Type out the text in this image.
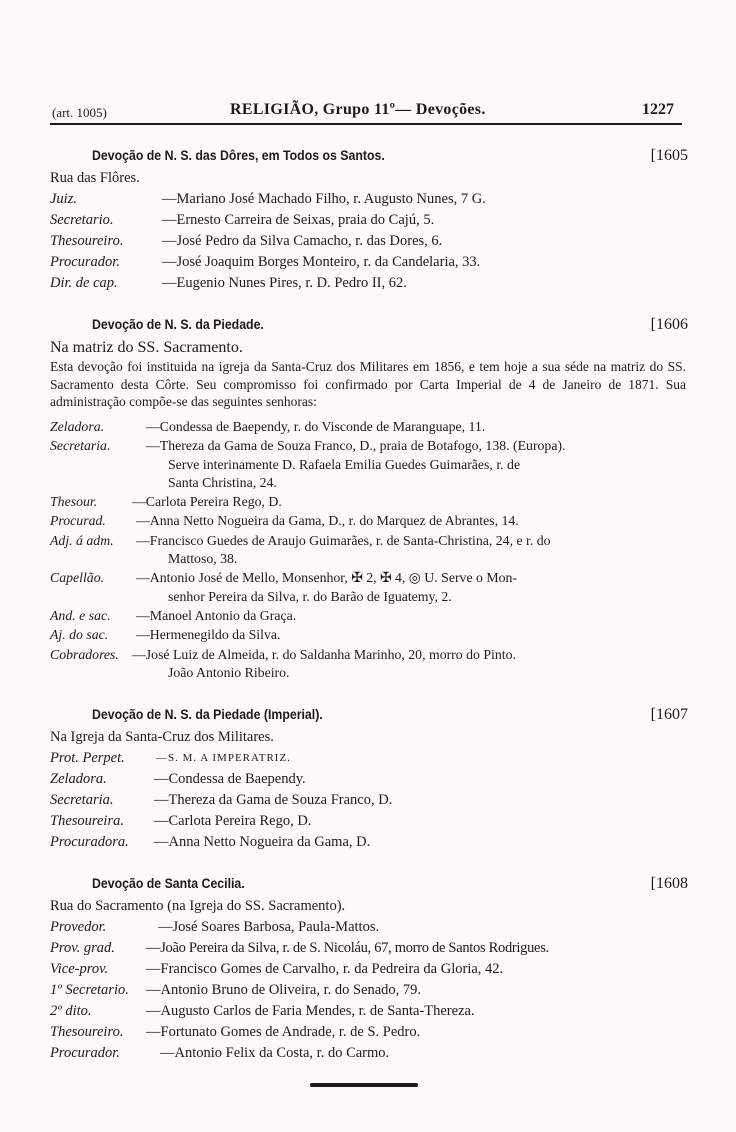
(art. 1005)	RELIGIÃO, Grupo 11º— Devoções.	1227
Devoção de N. S. das Dôres, em Todos os Santos.	[1605
Rua das Flôres.
Juiz.	—Mariano José Machado Filho, r. Augusto Nunes, 7 G.
Secretario.	—Ernesto Carreira de Seixas, praia do Cajú, 5.
Thesoureiro.	—José Pedro da Silva Camacho, r. das Dores, 6.
Procurador.	—José Joaquim Borges Monteiro, r. da Candelaria, 33.
Dir. de cap.	—Eugenio Nunes Pires, r. D. Pedro II, 62.
Devoção de N. S. da Piedade.	[1606
Na matriz do SS. Sacramento.
Esta devoção foi instituida na igreja da Santa-Cruz dos Militares em 1856, e tem hoje a sua séde na matriz do SS. Sacramento desta Côrte. Seu compromisso foi confirmado por Carta Imperial de 4 de Janeiro de 1871. Sua administração compõe-se das seguintes senhoras:
Zeladora.	—Condessa de Baependy, r. do Visconde de Maranguape, 11.
Secretaria.	—Thereza da Gama de Souza Franco, D., praia de Botafogo, 138. (Europa).
Serve interinamente D. Rafaela Emilia Guedes Guimarães, r. de
Santa Christina, 24.
Thesour.	—Carlota Pereira Rego, D.
Procurad.	—Anna Netto Nogueira da Gama, D., r. do Marquez de Abrantes, 14.
Adj. á adm.	—Francisco Guedes de Araujo Guimarães, r. de Santa-Christina, 24, e r. do
Mattoso, 38.
Capellão.	—Antonio José de Mello, Monsenhor, ✠ 2, ✠ 4, ◎ U. Serve o Mon-
senhor Pereira da Silva, r. do Barão de Iguatemy, 2.
And. e sac.	—Manoel Antonio da Graça.
Aj. do sac.	—Hermenegildo da Silva.
Cobradores. —José Luiz de Almeida, r. do Saldanha Marinho, 20, morro do Pinto.
João Antonio Ribeiro.
Devoção de N. S. da Piedade (Imperial).	[1607
Na Igreja da Santa-Cruz dos Militares.
Prot. Perpet.	—S. M. A IMPERATRIZ.
Zeladora.	—Condessa de Baependy.
Secretaria.	—Thereza da Gama de Souza Franco, D.
Thesoureira.	—Carlota Pereira Rego, D.
Procuradora.	—Anna Netto Nogueira da Gama, D.
Devoção de Santa Cecilia.	[1608
Rua do Sacramento (na Igreja do SS. Sacramento).
Provedor.	—José Soares Barbosa, Paula-Mattos.
Prov. grad.	—João Pereira da Silva, r. de S. Nicoláu, 67, morro de Santos Rodrigues.
Vice-prov.	—Francisco Gomes de Carvalho, r. da Pedreira da Gloria, 42.
1º Secretario.	—Antonio Bruno de Oliveira, r. do Senado, 79.
2º dito.	—Augusto Carlos de Faria Mendes, r. de Santa-Thereza.
Thesoureiro.	—Fortunato Gomes de Andrade, r. de S. Pedro.
Procurador.	—Antonio Felix da Costa, r. do Carmo.
